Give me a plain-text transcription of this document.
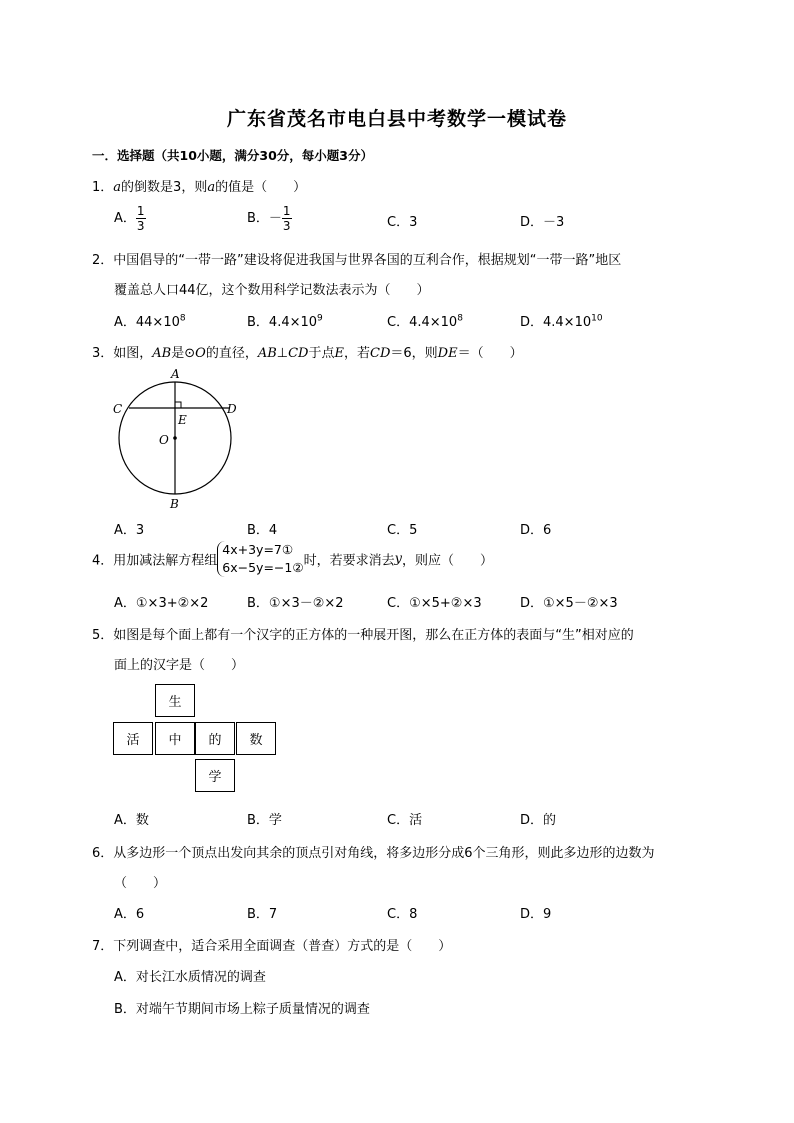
广东省茂名市电白县中考数学一模试卷
一．选择题（共10小题，满分30分，每小题3分）
1．a的倒数是3，则a的值是（　　）
A． $\frac{1}{3}$	B．－ $\frac{1}{3}$	C．3	D．－3
2．中国倡导的“一带一路”建设将促进我国与世界各国的互利合作，根据规划“一带一路”地区
覆盖总人口44亿，这个数用科学记数法表示为（　　）
A．$44\times 10^8$	B．$4.4\times 10^9$	C．$4.4\times 10^8$	D．$4.4\times 10^{10}$
3．如图，AB是⊙O的直径，AB⊥CD于点E，若CD＝6，则DE＝（　　）
A
B
C	D
E
O
A．3	B．4	C．5	D．6
4．用加减法解方程组
4x+3y=7①
6x−5y=−1② 时，若要求消去y，则应（　　）
A．①×3+②×2	B．①×3－②×2	C．①×5+②×3	D．①×5－②×3
5．如图是每个面上都有一个汉字的正方体的一种展开图，那么在正方体的表面与“生”相对应的
面上的汉字是（　　）
生
活	中	的	数
学
A．数	B．学	C．活	D．的
6．从多边形一个顶点出发向其余的顶点引对角线，将多边形分成6个三角形，则此多边形的边数为
（　　）
A．6	B．7	C．8	D．9
7．下列调查中，适合采用全面调查（普查）方式的是（　　）
A．对长江水质情况的调查
B．对端午节期间市场上粽子质量情况的调查
